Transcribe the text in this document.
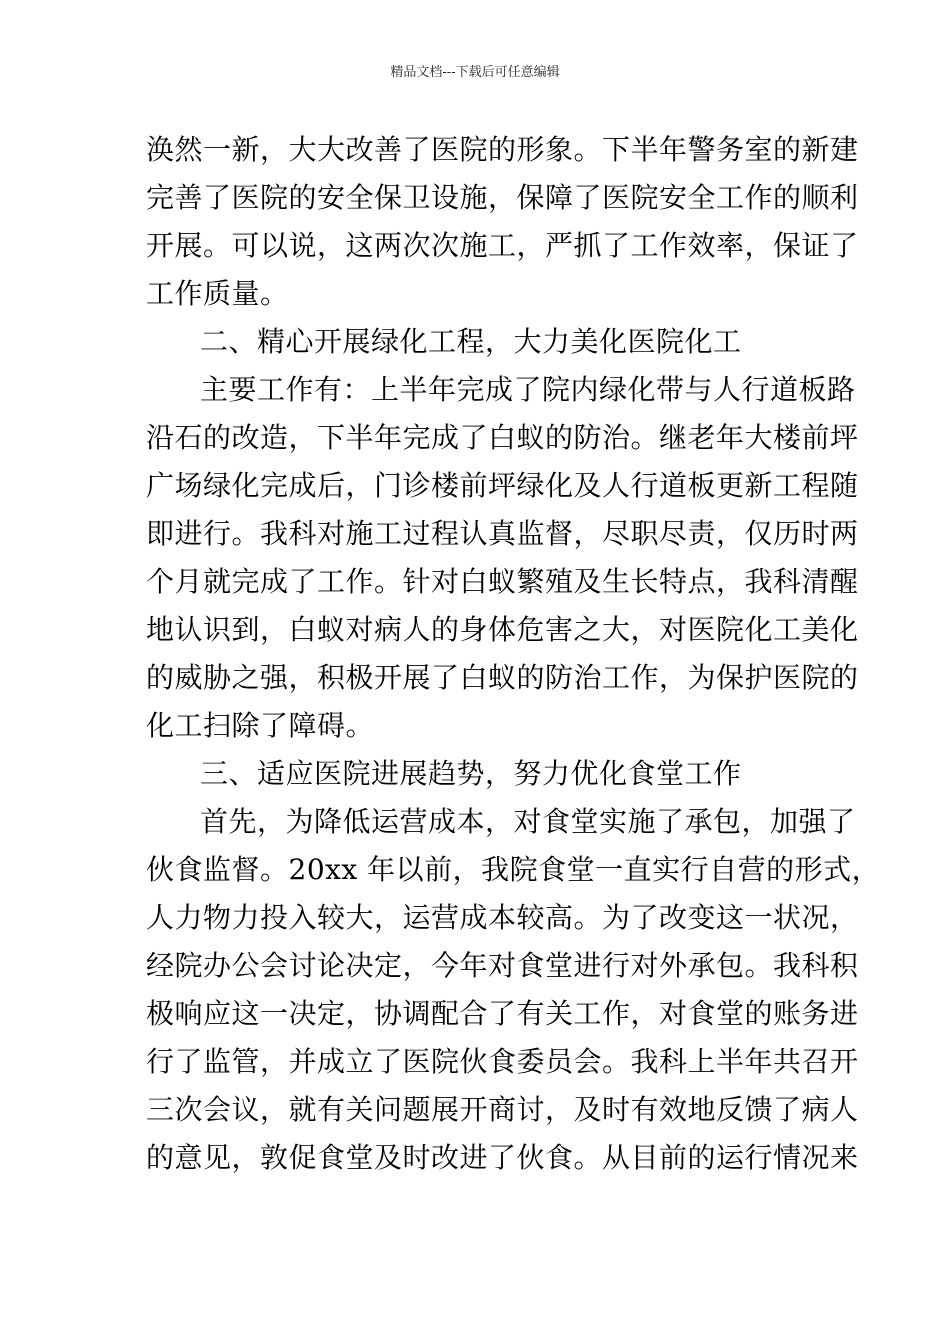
精品文档---下载后可任意编辑
涣然一新，大大改善了医院的形象。下半年警务室的新建
完善了医院的安全保卫设施，保障了医院安全工作的顺利
开展。可以说，这两次次施工，严抓了工作效率，保证了
工作质量。
二、精心开展绿化工程，大力美化医院化工
主要工作有：上半年完成了院内绿化带与人行道板路
沿石的改造，下半年完成了白蚁的防治。继老年大楼前坪
广场绿化完成后，门诊楼前坪绿化及人行道板更新工程随
即进行。我科对施工过程认真监督，尽职尽责，仅历时两
个月就完成了工作。针对白蚁繁殖及生长特点，我科清醒
地认识到，白蚁对病人的身体危害之大，对医院化工美化
的威胁之强，积极开展了白蚁的防治工作，为保护医院的
化工扫除了障碍。
三、适应医院进展趋势，努力优化食堂工作
首先，为降低运营成本，对食堂实施了承包，加强了
伙食监督。20xx 年以前，我院食堂一直实行自营的形式，
人力物力投入较大，运营成本较高。为了改变这一状况，
经院办公会讨论决定，今年对食堂进行对外承包。我科积
极响应这一决定，协调配合了有关工作，对食堂的账务进
行了监管，并成立了医院伙食委员会。我科上半年共召开
三次会议，就有关问题展开商讨，及时有效地反馈了病人
的意见，敦促食堂及时改进了伙食。从目前的运行情况来
